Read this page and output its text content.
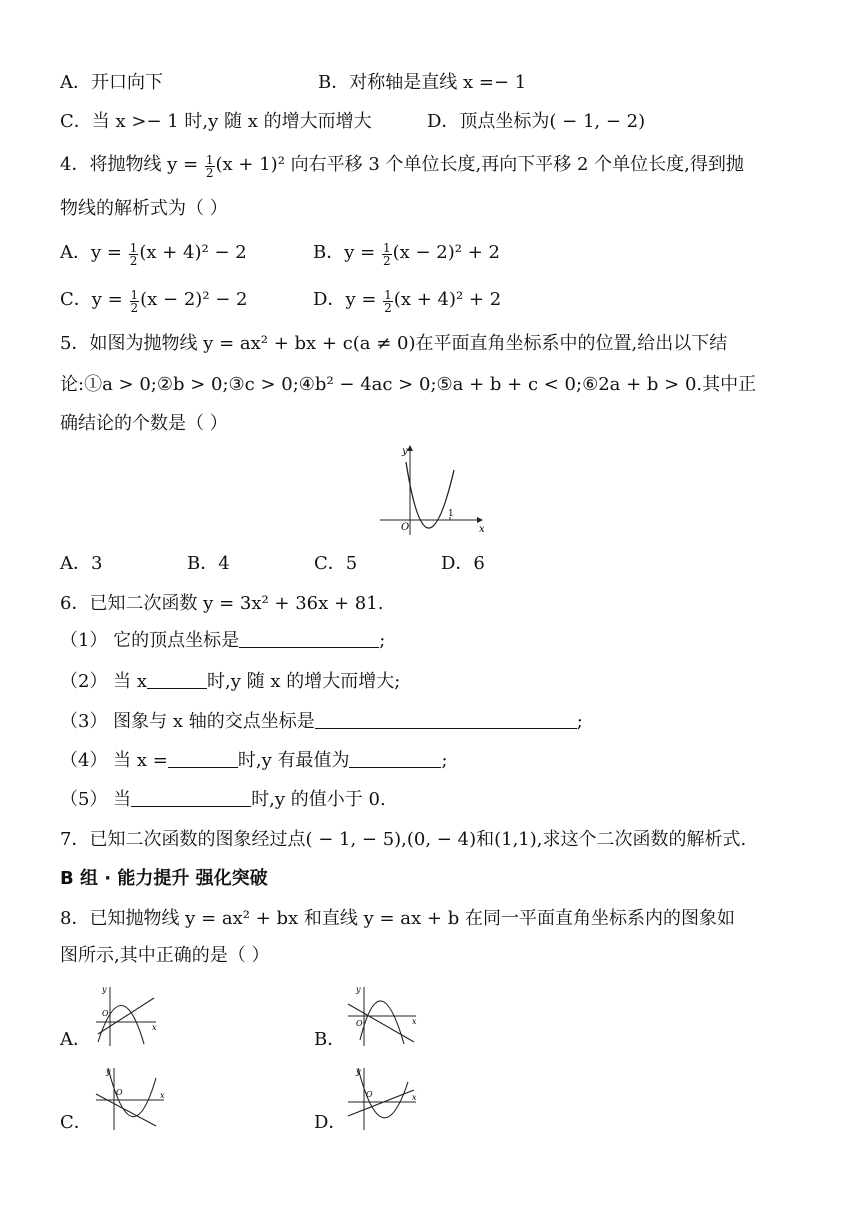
A．开口向下	B．对称轴是直线 x =− 1
C．当 x >− 1 时,y 随 x 的增大而增大	D．顶点坐标为( − 1, − 2)
4．将抛物线 $y = \frac{1}{2} (x + 1)^2$ 向右平移 3 个单位长度,再向下平移 2 个单位长度,得到抛
物线的解析式为（ ）
A．$y = \frac{1}{2} (x + 4)^2 - 2$	B．$y = \frac{1}{2} (x - 2)^2 + 2$
C．$y = \frac{1}{2} (x - 2)^2 - 2$	D．$y = \frac{1}{2} (x + 4)^2 + 2$
5．如图为抛物线 y = ax² + bx + c(a ≠ 0)在平面直角坐标系中的位置,给出以下结
论:①a > 0;②b > 0;③c > 0;④b² − 4ac > 0;⑤a + b + c < 0;⑥2a + b > 0.其中正
确结论的个数是（ ）
y
O
1
x
A．3	B．4	C．5	D．6
6．已知二次函数 y = 3x² + 36x + 81.
（1） 它的顶点坐标是	;
（2） 当 x	时,y 随 x 的增大而增大;
（3） 图象与 x 轴的交点坐标是	;
（4） 当 x =	时,y 有最值为	;
（5） 当	时,y 的值小于 0.
7．已知二次函数的图象经过点( − 1, − 5),(0, − 4)和(1,1),求这个二次函数的解析式.
B 组 · 能力提升 强化突破
8．已知抛物线 y = ax² + bx 和直线 y = ax + b 在同一平面直角坐标系内的图象如
图所示,其中正确的是（ ）
A．
y
O
x
B．
y
O	x
C．
y
O	x
D．
y
O	x
